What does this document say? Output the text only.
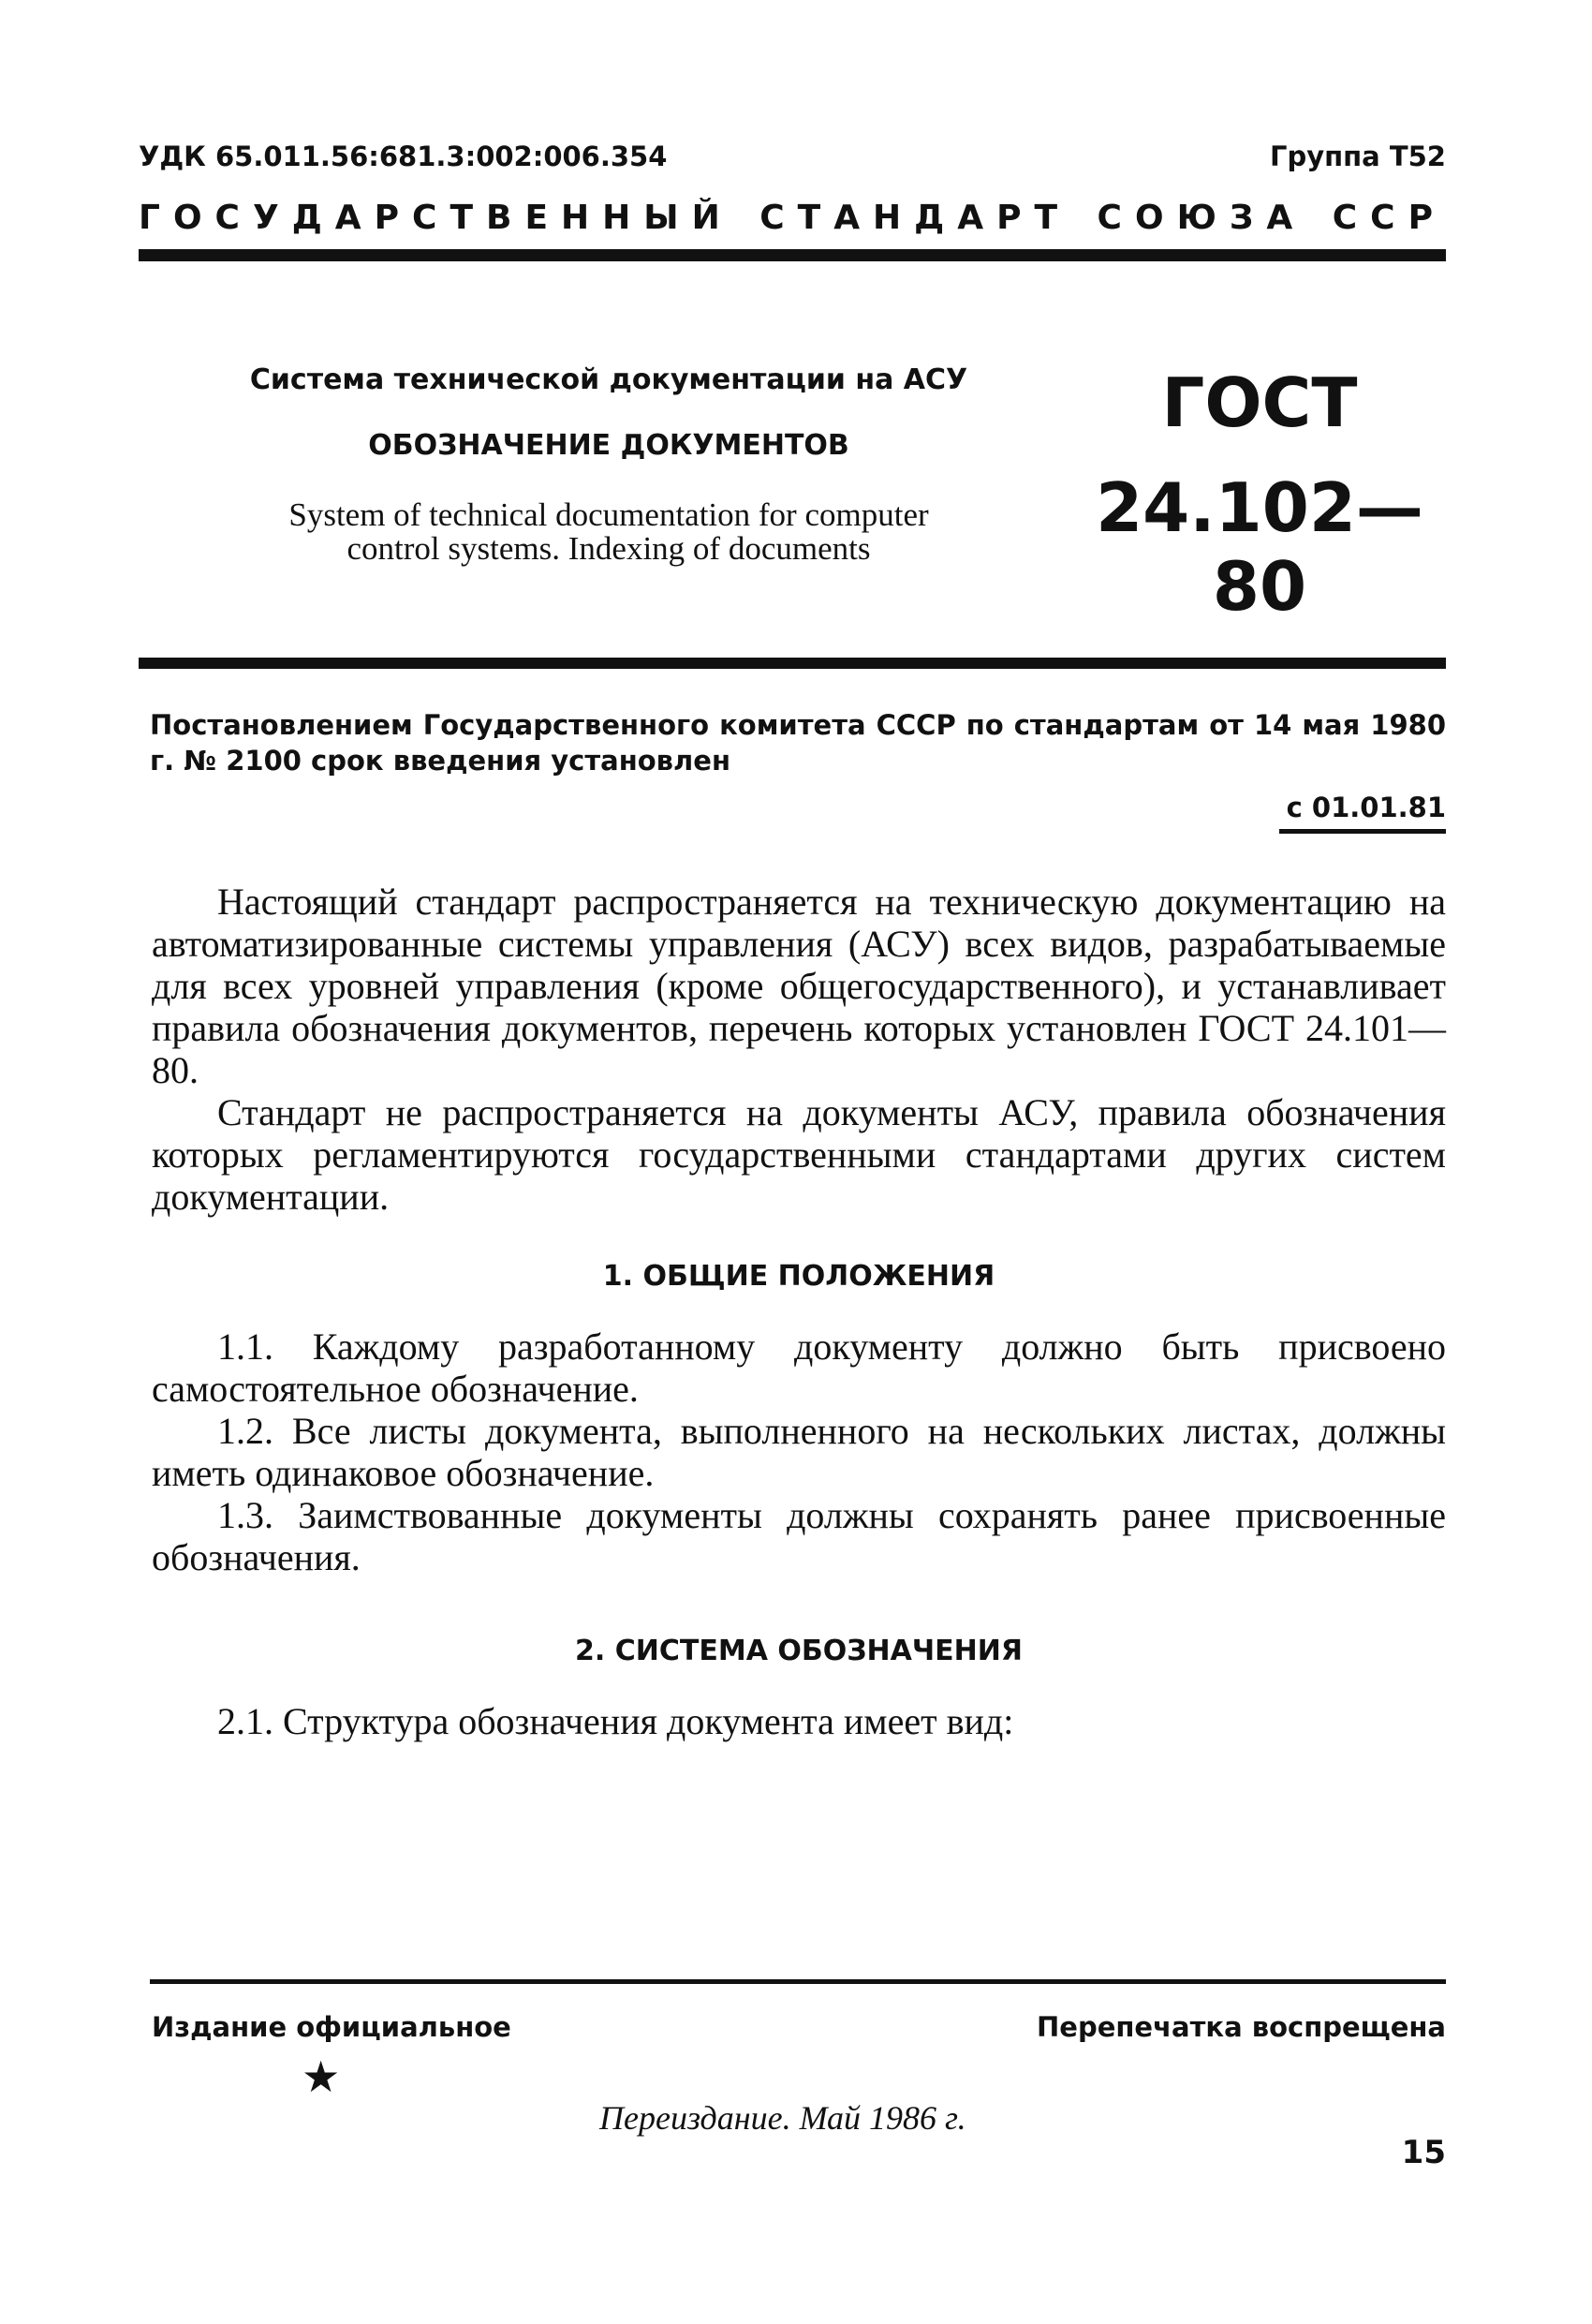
УДК 65.011.56:681.3:002:006.354	Группа Т52
ГОСУДАРСТВЕННЫЙ СТАНДАРТ СОЮЗА ССР
Система технической документации на АСУ
ОБОЗНАЧЕНИЕ ДОКУМЕНТОВ
System of technical documentation for computer
control systems. Indexing of documents
ГОСТ
24.102—80
Постановлением Государственного комитета СССР по стандартам от 14 мая 1980 г. № 2100 срок введения установлен
с 01.01.81
Настоящий стандарт распространяется на техническую документацию на автоматизированные системы управления (АСУ) всех видов, разрабатываемые для всех уровней управления (кроме общегосударственного), и устанавливает правила обозначения документов, перечень которых установлен ГОСТ 24.101—80.
Стандарт не распространяется на документы АСУ, правила обозначения которых регламентируются государственными стандартами других систем документации.
1. ОБЩИЕ ПОЛОЖЕНИЯ
1.1. Каждому разработанному документу должно быть присвоено самостоятельное обозначение.
1.2. Все листы документа, выполненного на нескольких листах, должны иметь одинаковое обозначение.
1.3. Заимствованные документы должны сохранять ранее присвоенные обозначения.
2. СИСТЕМА ОБОЗНАЧЕНИЯ
2.1. Структура обозначения документа имеет вид:
Издание официальное	Перепечатка воспрещена
★
Переиздание. Май 1986 г.
15
